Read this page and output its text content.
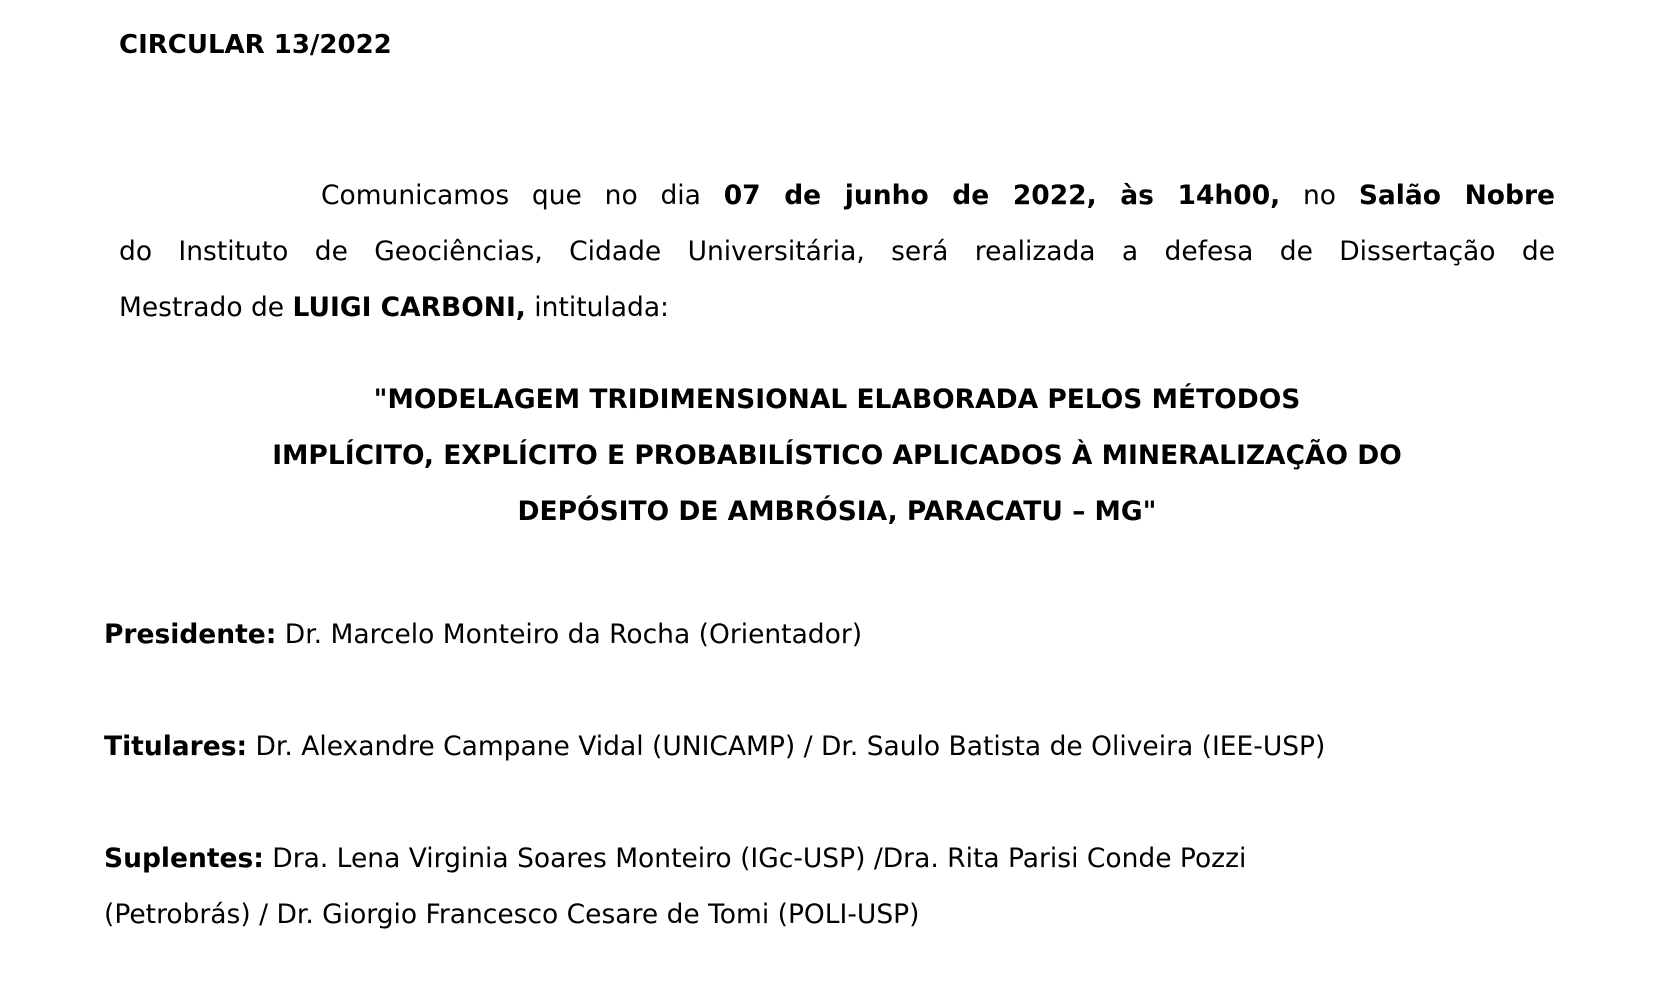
CIRCULAR 13/2022
Comunicamos que no dia 07 de junho de 2022, às 14h00, no Salão Nobre
do Instituto de Geociências, Cidade Universitária, será realizada a defesa de Dissertação de
Mestrado de LUIGI CARBONI, intitulada:
"MODELAGEM TRIDIMENSIONAL ELABORADA PELOS MÉTODOS
IMPLÍCITO, EXPLÍCITO E PROBABILÍSTICO APLICADOS À MINERALIZAÇÃO DO
DEPÓSITO DE AMBRÓSIA, PARACATU – MG"
Presidente: Dr. Marcelo Monteiro da Rocha (Orientador)
Titulares: Dr. Alexandre Campane Vidal (UNICAMP) / Dr. Saulo Batista de Oliveira (IEE-USP)
Suplentes: Dra. Lena Virginia Soares Monteiro (IGc-USP) /Dra. Rita Parisi Conde Pozzi
(Petrobrás) / Dr. Giorgio Francesco Cesare de Tomi (POLI-USP)
